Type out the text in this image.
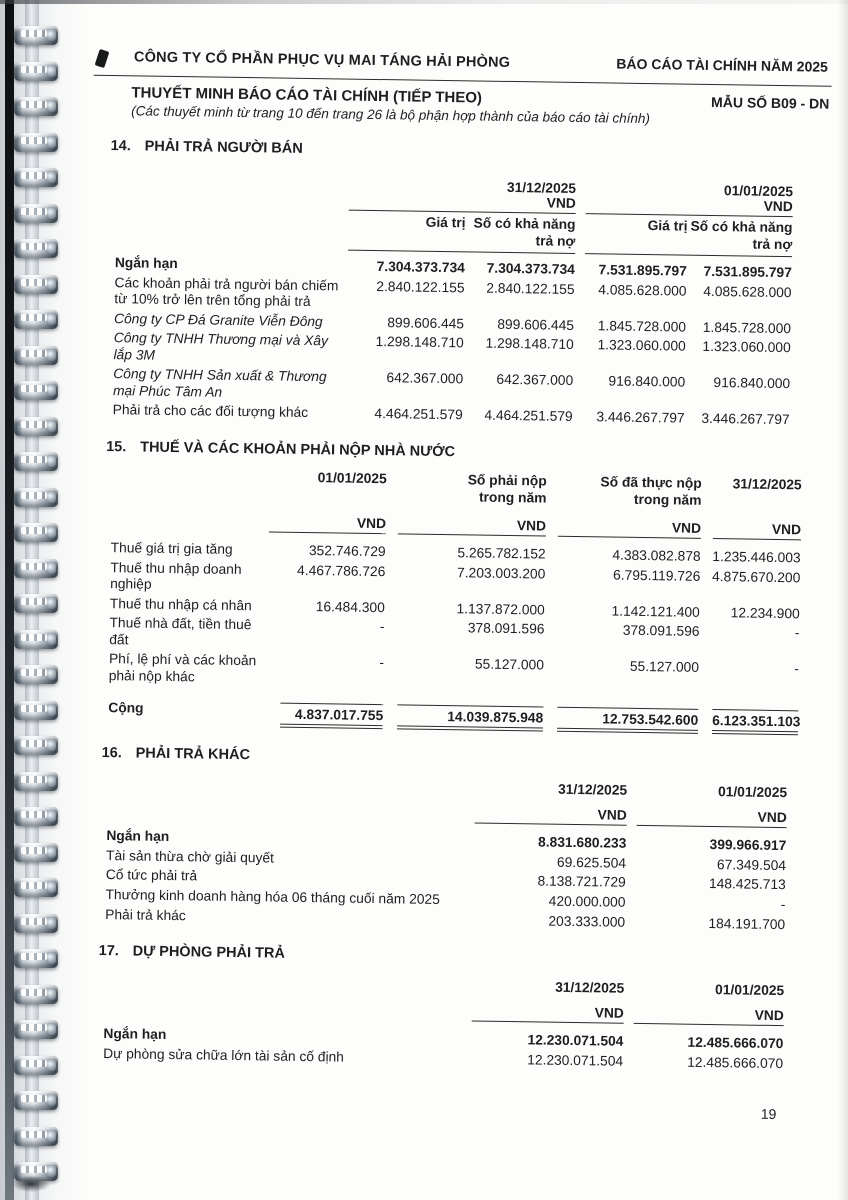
CÔNG TY CỔ PHẦN PHỤC VỤ MAI TÁNG HẢI PHÒNG	BÁO CÁO TÀI CHÍNH NĂM 2025
THUYẾT MINH BÁO CÁO TÀI CHÍNH (TIẾP THEO)	MẪU SỐ B09 - DN
(Các thuyết minh từ trang 10 đến trang 26 là bộ phận hợp thành của báo cáo tài chính)
14. PHẢI TRẢ NGƯỜI BÁN
31/12/2025
VND
01/01/2025
VND
Giá trị Số có khả năng trả nợ
Giá trị Số có khả năng trả nợ
Ngắn hạn	7.304.373.734	7.304.373.734	7.531.895.797	7.531.895.797
Các khoản phải trả người bán chiếm từ 10% trở lên trên tổng phải trả
2.840.122.155	2.840.122.155	4.085.628.000	4.085.628.000
Công ty CP Đá Granite Viễn Đông	899.606.445	899.606.445	1.845.728.000	1.845.728.000
Công ty TNHH Thương mại và Xây lắp 3M
1.298.148.710	1.298.148.710	1.323.060.000	1.323.060.000
Công ty TNHH Sản xuất & Thương mại Phúc Tâm An
642.367.000	642.367.000	916.840.000	916.840.000
Phải trả cho các đối tượng khác	4.464.251.579	4.464.251.579	3.446.267.797	3.446.267.797
15. THUẾ VÀ CÁC KHOẢN PHẢI NỘP NHÀ NƯỚC
01/01/2025
VND
Số phải nộp trong năm
VND
Số đã thực nộp trong năm
VND
31/12/2025
VND
Thuế giá trị gia tăng	352.746.729	5.265.782.152	4.383.082.878 1.235.446.003
Thuế thu nhập doanh nghiệp
4.467.786.726	7.203.003.200	6.795.119.726 4.875.670.200
Thuế thu nhập cá nhân	16.484.300	1.137.872.000	1.142.121.400	12.234.900
Thuế nhà đất, tiền thuê đất
-	378.091.596	378.091.596	-
Phí, lệ phí và các khoản phải nộp khác
-	55.127.000	55.127.000	-
Cộng	4.837.017.755	14.039.875.948	12.753.542.600 6.123.351.103
16. PHẢI TRẢ KHÁC
31/12/2025
VND
01/01/2025
VND
Ngắn hạn	8.831.680.233	399.966.917
Tài sản thừa chờ giải quyết	69.625.504	67.349.504
Cổ tức phải trả	8.138.721.729	148.425.713
Thưởng kinh doanh hàng hóa 06 tháng cuối năm 2025	420.000.000	-
Phải trả khác	203.333.000	184.191.700
17. DỰ PHÒNG PHẢI TRẢ
31/12/2025
VND
01/01/2025
VND
Ngắn hạn	12.230.071.504	12.485.666.070
Dự phòng sửa chữa lớn tài sản cố định	12.230.071.504	12.485.666.070
19
